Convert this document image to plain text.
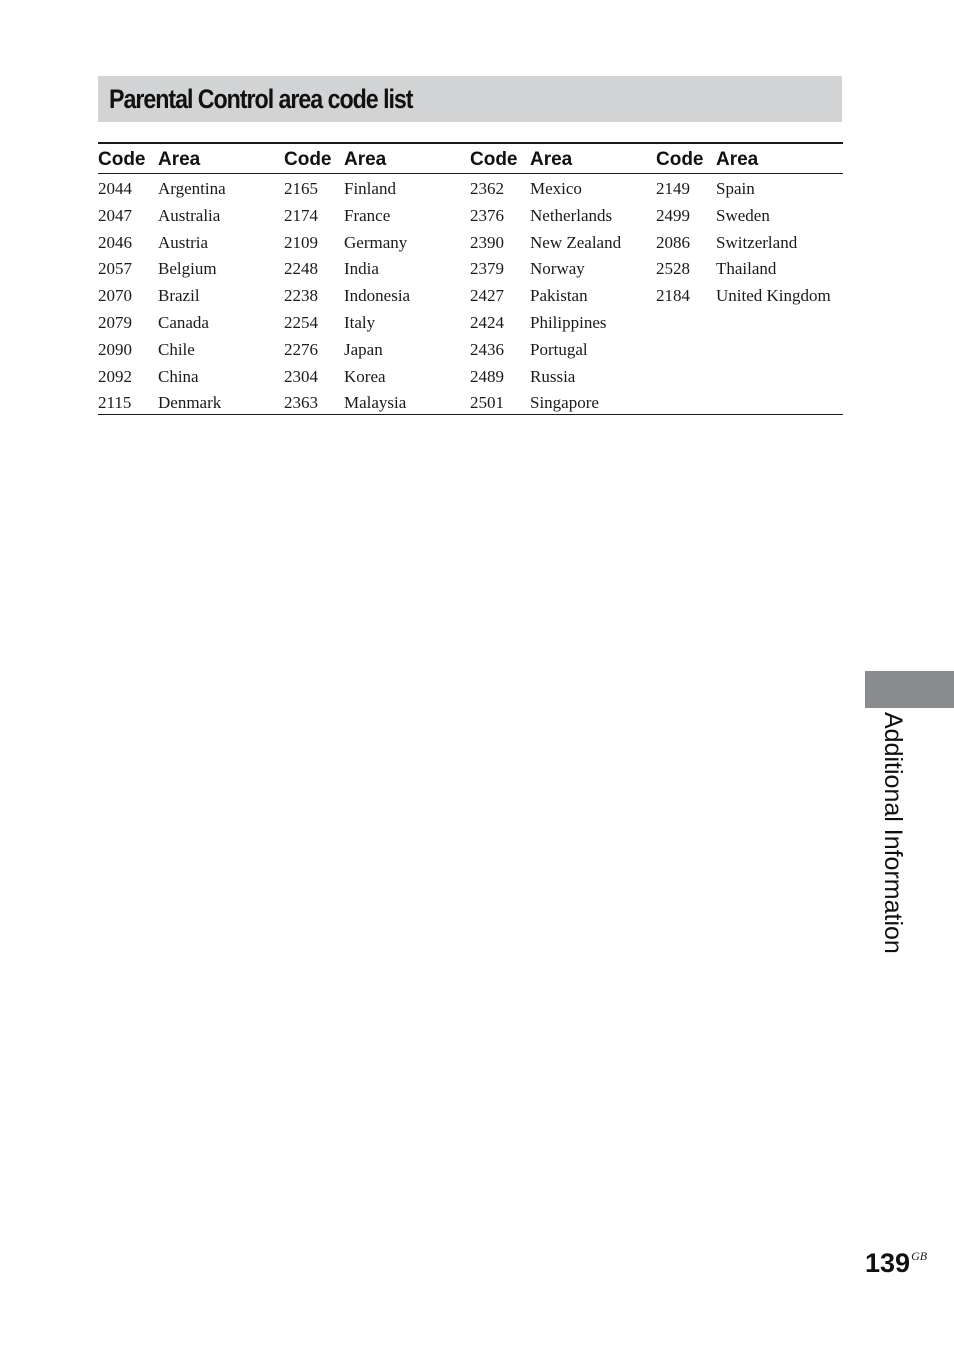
Parental Control area code list
Code Area	Code Area	Code Area	Code Area
2044 Argentina	2165 Finland	2362 Mexico	2149 Spain
2047 Australia	2174 France	2376 Netherlands	2499 Sweden
2046 Austria	2109 Germany	2390 New Zealand 2086 Switzerland
2057 Belgium	2248 India	2379 Norway	2528 Thailand
2070 Brazil	2238 Indonesia	2427 Pakistan	2184 United Kingdom
2079 Canada	2254 Italy	2424 Philippines
2090 Chile	2276 Japan	2436 Portugal
2092 China	2304 Korea	2489 Russia
2115 Denmark	2363 Malaysia	2501 Singapore
Additional Information
$139^{GB}$
